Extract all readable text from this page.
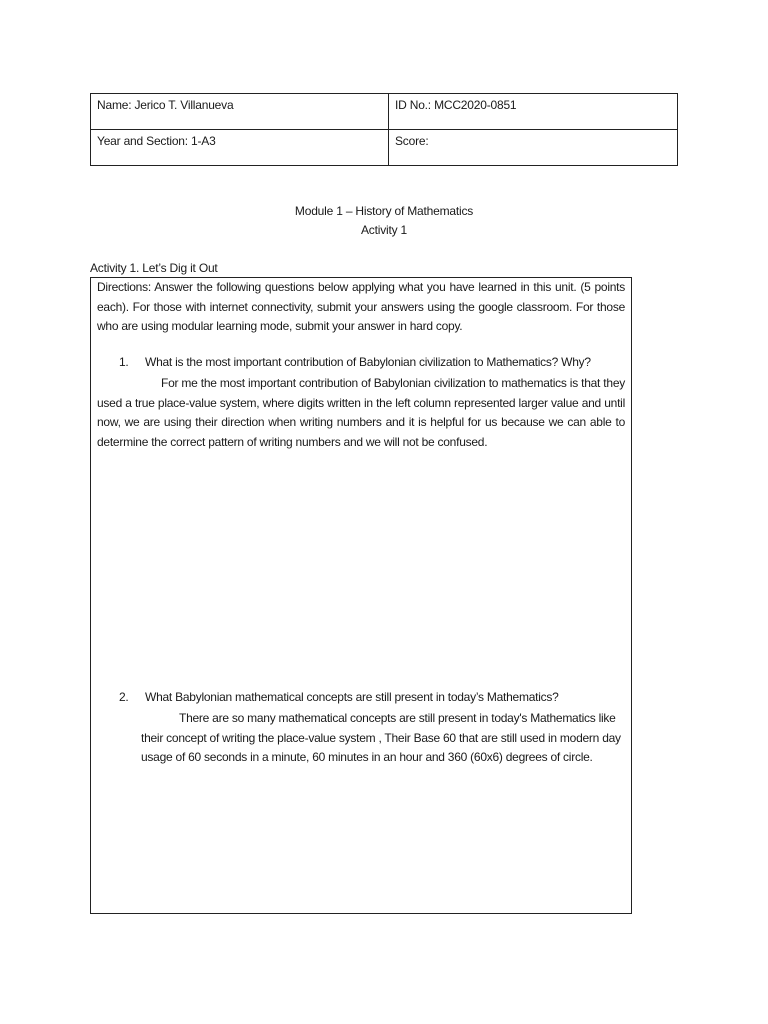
Name: Jerico T. Villanueva	ID No.: MCC2020-0851
Year and Section: 1-A3	Score:
Module 1 – History of Mathematics
Activity 1
Activity 1. Let’s Dig it Out

Directions: Answer the following questions below applying what you have learned in this unit. (5 points each). For those with internet connectivity, submit your answers using the google classroom. For those who are using modular learning mode, submit your answer in hard copy.

1. What is the most important contribution of Babylonian civilization to Mathematics? Why?

For me the most important contribution of Babylonian civilization to mathematics is that they used a true place-value system, where digits written in the left column represented larger value and until now, we are using their direction when writing numbers and it is helpful for us because we can able to determine the correct pattern of writing numbers and we will not be confused.

2. What Babylonian mathematical concepts are still present in today’s Mathematics?

There are so many mathematical concepts are still present in today's Mathematics like their concept of writing the place-value system , Their Base 60 that are still used in modern day usage of 60 seconds in a minute, 60 minutes in an hour and 360 (60x6) degrees of circle.
